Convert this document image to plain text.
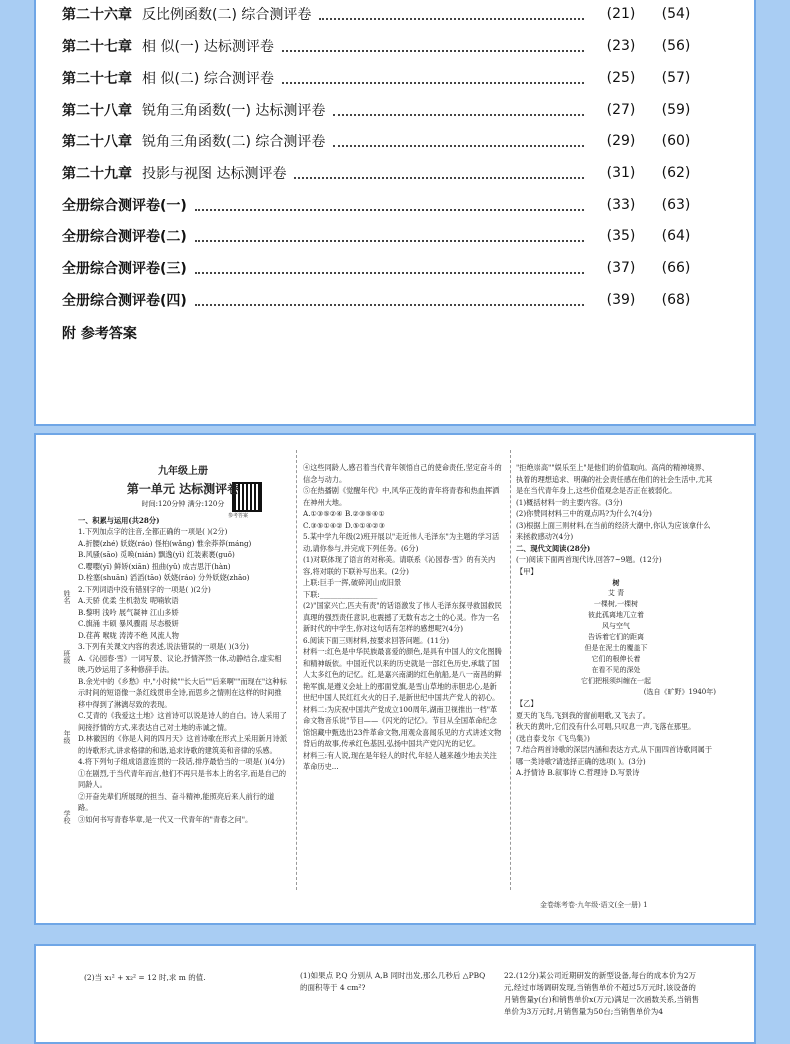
第二十六章 反比例函数(二) 综合测评卷	(21)	(54)
第二十七章 相 似(一) 达标测评卷	(23)	(56)
第二十七章 相 似(二) 综合测评卷	(25)	(57)
第二十八章 锐角三角函数(一) 达标测评卷	(27)	(59)
第二十八章 锐角三角函数(二) 综合测评卷	(29)	(60)
第二十九章 投影与视图 达标测评卷	(31)	(62)
全册综合测评卷(一)	(33)	(63)
全册综合测评卷(二)	(35)	(64)
全册综合测评卷(三)	(37)	(66)
全册综合测评卷(四)	(39)	(68)
附 参考答案
参考答案
姓名
班级
年级
学校

九年级上册

第一单元 达标测评卷

时间:120分钟 满分:120分

一、积累与运用(共28分)

1.下列加点字的注音,全都正确的一项是( )(2分)

A.折腰(zhé) 妖娆(ráo) 怪柏(wǎng) 惟余莽莽(máng)

B.风骚(sāo) 觅唤(nián) 飘逸(yì) 红装素裹(guǒ)

C.嘤嘤(yī) 鲜矫(xiān) 扭曲(yǔ) 成吉思汗(hàn)

D.栓塞(shuān) 滔滔(tāo) 妖娆(ráo) 分外妖娆(zhāo)

2.下列词语中没有错别字的一项是( )(2分)

A.天骄 优柔 生机勃发 呢喃软语

B.黎明 浅吟 展气凝神 江山多娇

C.旗涌 丰硕 暴风骤雨 尽态极妍

D.荏苒 喉咙 涛涛不绝 风流人物

3.下列有关课文内容的表述,说法错误的一项是( )(3分)

A.《沁园春·雪》一词写景、议论,抒情浑然一体,动静结合,虚实相映,巧妙运用了多种修辞手法。

B.余光中的《乡愁》中,"小时候""长大后""后来啊""而现在"这种标示时间的短语像一条红线贯串全诗,而思乡之情则在这样的时间推移中得到了淋漓尽致的表现。

C.艾青的《我爱这土地》这首诗可以说是诗人的自白。诗人采用了间接抒情的方式,来表达自己对土地的赤诚之情。

D.林徽因的《你是人间的四月天》这首诗歌在形式上采用新月诗派的诗歌形式,讲求格律的和谐,追求诗歌的建筑美和音律的乐感。

4.将下列句子组成语意连贯的一段话,排序最恰当的一项是( )(4分)

①在剧烈,于当代青年而言,他们不再只是书本上的名字,而是自己的同龄人。

②开奋先辈们所展现的担当、奋斗精神,能照亮后来人前行的道路。

③如何书写青春华章,是一代又一代青年的"青春之问"。

④这些同龄人,感召着当代青年领悟自己的使命责任,坚定奋斗的信念与动力。

⑤在热播剧《觉醒年代》中,风华正茂的青年将青春和热血挥洒在神州大地。

A.①③⑤②④ B.②③⑤④①

C.③⑤①④② D.⑤①④②③

5.某中学九年级(2)班开展以"走近伟人毛泽东"为主题的学习活动,请你参与,并完成下列任务。(6分)

(1)对联体现了语言的对称美。请联系《沁园春·雪》的有关内容,将对联的下联补写出来。(2分)

上联:巨手一挥,破碎河山成旧景

下联:________________

(2)"国家兴亡,匹夫有责"的话语激发了伟人毛泽东探寻救国救民真理的强烈责任意识,也震撼了无数有志之士的心灵。作为一名新时代的中学生,你对这句话有怎样的感想呢?(4分)

6.阅读下面三则材料,按要求回答问题。(11分)

材料一:红色是中华民族最喜爱的颜色,是具有中国人的文化图腾和精神皈依。中国近代以来的历史就是一部红色历史,承载了国人太多红色的记忆。红,是嘉兴南湖的红色航船,是八一南昌的鲜艳军旗,是遵义会址上的那面党旗,是雪山草地的赤胆忠心,是新世纪中国人民红红火火的日子,是新世纪中国共产党人的初心。

材料二:为庆祝中国共产党成立100周年,湖南卫视推出一档"革命文物音乐说"节目——《闪光的记忆》。节目从全国革命纪念馆馆藏中甄选出23件革命文物,用观众喜闻乐见的方式讲述文物背后的故事,传承红色基因,弘扬中国共产党闪光的记忆。

材料三:有人说,现在是年轻人的时代,年轻人越来越少地去关注革命历史...

"拒绝崇高""娱乐至上"是他们的价值取向。高尚的精神境界、执着的理想追求、明确的社会责任感在他们的社会生活中,尤其是在当代青年身上,这些价值观念是否正在被弱化。

(1)概括材料一的主要内容。(3分)

(2)你赞同材料三中的观点吗?为什么?(4分)

(3)根据上面三则材料,在当前的经济大潮中,你认为应该拿什么来拯救感动?(4分)

二、现代文阅读(28分)

(一)阅读下面两首现代诗,回答7~9题。(12分)

【甲】

树

艾 青

一棵树,一棵树

彼此孤离地兀立着

风与空气

告诉着它们的距离

但是在泥土的覆盖下

它们的根伸长着

在看不见的深处

它们把根须纠缠在一起

(选自《旷野》1940年)

【乙】

夏天的飞鸟,飞到我的窗前唱歌,又飞去了。

秋天的黄叶,它们没有什么可唱,只叹息一声,飞落在那里。

(选自泰戈尔《飞鸟集》)

7.结合两首诗歌的深层内涵和表达方式,从下面四首诗歌同属于哪一类诗歌?请选择正确的选项( )。(3分)

A.抒情诗 B.叙事诗 C.哲理诗 D.写景诗

金卷练考卷·九年级·语文(全一册) 1
(2)当 x₁² + x₂² = 12 时,求 m 的值.	(1)如果点 P,Q 分别从 A,B 同时出发,那么几秒后 △PBQ 的面积等于 4 cm²?
22.(12分)某公司近期研发的新型设备,每台的成本价为2万元,经过市场调研发现,当销售单价不超过5万元时,该设备的月销售量y(台)和销售单价x(万元)满足一次函数关系,当销售单价为3万元时,月销售量为50台;当销售单价为4
